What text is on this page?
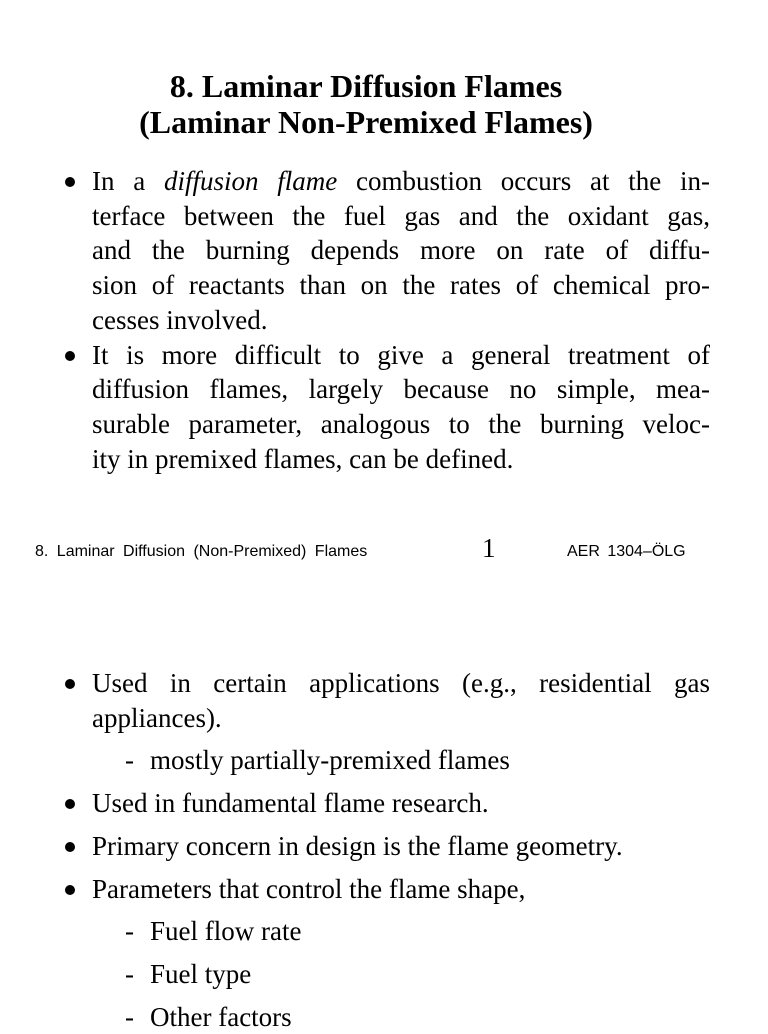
8. Laminar Diffusion Flames
(Laminar Non-Premixed Flames)
In a diffusion flame combustion occurs at the in-
terface between the fuel gas and the oxidant gas,
and the burning depends more on rate of diffu-
sion of reactants than on the rates of chemical pro-
cesses involved.
It is more difficult to give a general treatment of
diffusion flames, largely because no simple, mea-
surable parameter, analogous to the burning veloc-
ity in premixed flames, can be defined.
8. Laminar Diffusion (Non-Premixed) Flames	1	AER 1304–ÖLG
Used in certain applications (e.g., residential gas
appliances).
- mostly partially-premixed flames
Used in fundamental flame research.
Primary concern in design is the flame geometry.
Parameters that control the flame shape,
- Fuel flow rate
- Fuel type
- Other factors
